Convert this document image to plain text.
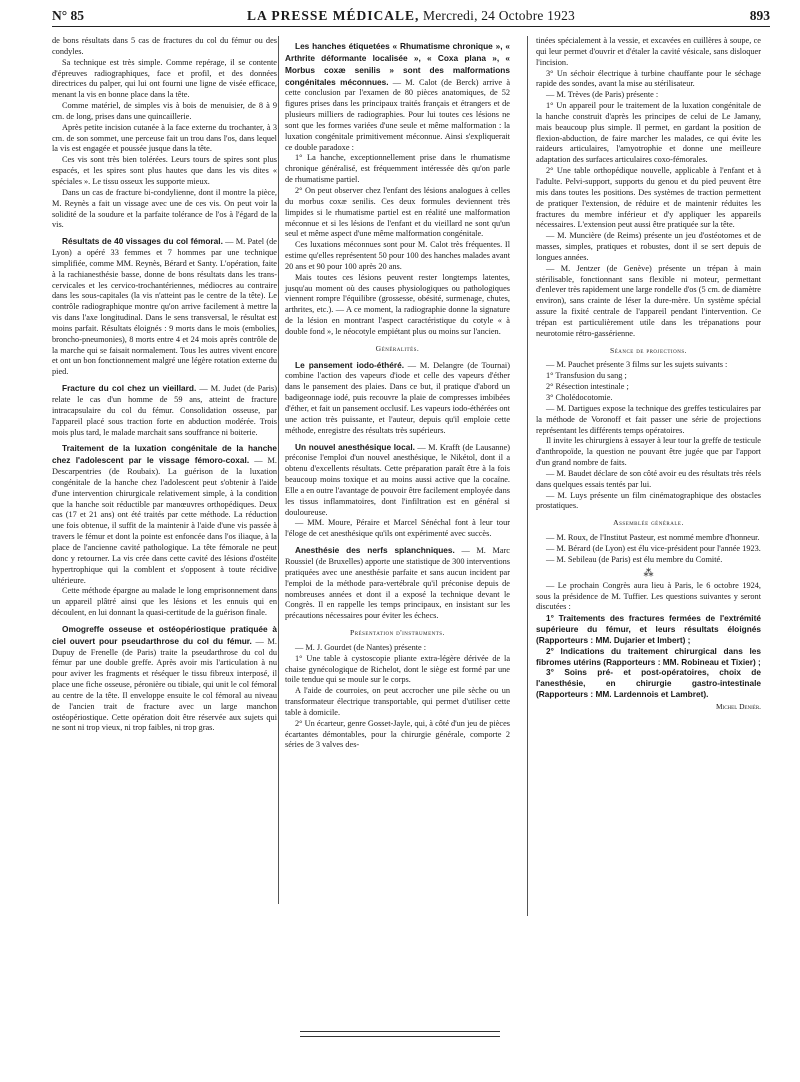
N° 85	LA PRESSE MÉDICALE, Mercredi, 24 Octobre 1923	893

de bons résultats dans 5 cas de fractures du col du fémur ou des condyles.

Sa technique est très simple. Comme repérage, il se contente d'épreuves radiographiques, face et profil, et des données directrices du palper, qui lui ont fourni une ligne de visée efficace, menant la vis en bonne place dans la tête.

Comme matériel, de simples vis à bois de menuisier, de 8 à 9 cm. de long, prises dans une quincaillerie.

Après petite incision cutanée à la face externe du trochanter, à 3 cm. de son sommet, une perceuse fait un trou dans l'os, dans lequel la vis est engagée et poussée jusque dans la tête.

Ces vis sont très bien tolérées. Leurs tours de spires sont plus espacés, et les spires sont plus hautes que dans les vis dites « spéciales ». Le tissu osseux les supporte mieux.

Dans un cas de fracture bi-condylienne, dont il montre la pièce, M. Reynès a fait un vissage avec une de ces vis. On peut voir la solidité de la soudure et la parfaite tolérance de l'os à l'égard de la vis.

Résultats de 40 vissages du col fémoral. — M. Patel (de Lyon) a opéré 33 femmes et 7 hommes par une technique simplifiée, comme MM. Reynès, Bérard et Santy. L'opération, faite à la rachianesthésie basse, donne de bons résultats dans les trans-cervicales et les cervico-trochantériennes, médiocres au contraire dans les sous-capitales (la vis n'atteint pas le centre de la tête). Le contrôle radiographique montre qu'on arrive facilement à mettre la vis dans l'axe longitudinal. Dans le sens transversal, le résultat est moins parfait. Résultats éloignés : 9 morts dans le mois (embolies, broncho-pneumonies), 8 morts entre 4 et 24 mois après contrôle de la marche qui se faisait normalement. Tous les autres vivent encore et ont un bon fonctionnement malgré une légère rotation externe du pied.

Fracture du col chez un vieillard. — M. Judet (de Paris) relate le cas d'un homme de 59 ans, atteint de fracture intracapsulaire du col du fémur. Consolidation osseuse, par l'appareil placé sous traction forte en abduction modérée. Trois mois plus tard, le malade marchait sans souffrance ni boiterie.

Traitement de la luxation congénitale de la hanche chez l'adolescent par le vissage fémoro-coxal. — M. Descarpentries (de Roubaix). La guérison de la luxation congénitale de la hanche chez l'adolescent peut s'obtenir à l'aide d'une intervention chirurgicale relativement simple, à la condition que la hanche soit réductible par manœuvres orthopédiques. Deux cas (17 et 21 ans) ont été traités par cette méthode. La réduction une fois obtenue, il suffit de la maintenir à l'aide d'une vis passée à travers le fémur et dont la pointe est enfoncée dans l'os iliaque, à la place de l'ancienne cavité pathologique. La tête fémorale ne peut donc y retourner. La vis crée dans cette cavité des lésions d'ostéite hypertrophique qui la comblent et s'opposent à toute récidive ultérieure.

Cette méthode épargne au malade le long emprisonnement dans un appareil plâtré ainsi que les lésions et les ennuis qui en découlent, en lui donnant la quasi-certitude de la guérison finale.

Omogreffe osseuse et ostéopériostique pratiquée à ciel ouvert pour pseudarthrose du col du fémur. — M. Dupuy de Frenelle (de Paris) traite la pseudarthrose du col du fémur par une double greffe. Après avoir mis l'articulation à nu pour aviver les fragments et réséquer le tissu fibreux interposé, il place une fiche osseuse, péronière ou tibiale, qui unit le col fémoral au centre de la tête. Il enveloppe ensuite le col fémoral au niveau de l'ancien trait de fracture avec un large manchon ostéopériostique. Cette opération doit être réservée aux sujets qui ne sont ni trop vieux, ni trop faibles, ni trop gras.

Les hanches étiquetées « Rhumatisme chronique », « Arthrite déformante localisée », « Coxa plana », « Morbus coxæ senilis » sont des malformations congénitales méconnues. — M. Calot (de Berck) arrive à cette conclusion par l'examen de 80 pièces anatomiques, de 52 figures prises dans les principaux traités français et étrangers et de plusieurs milliers de radiographies. Pour lui toutes ces lésions ne sont que les formes variées d'une seule et même malformation : la luxation congénitale primitivement méconnue. Ainsi s'expliquerait ce double paradoxe :

1° La hanche, exceptionnellement prise dans le rhumatisme chronique généralisé, est fréquemment intéressée dès qu'on parle de rhumatisme partiel.

2° On peut observer chez l'enfant des lésions analogues à celles du morbus coxæ senilis. Ces deux formules deviennent très limpides si le rhumatisme partiel est en réalité une malformation méconnue et si les lésions de l'enfant et du vieillard ne sont qu'un seul et même aspect d'une même malformation congénitale.

Ces luxations méconnues sont pour M. Calot très fréquentes. Il estime qu'elles représentent 50 pour 100 des hanches malades avant 20 ans et 90 pour 100 après 20 ans.

Mais toutes ces lésions peuvent rester longtemps latentes, jusqu'au moment où des causes physiologiques ou pathologiques viennent rompre l'équilibre (grossesse, obésité, surmenage, chutes, arthrites, etc.). — A ce moment, la radiographie donne la signature de la lésion en montrant l'aspect caractéristique du cotyle « à double fond », le néocotyle empiétant plus ou moins sur l'ancien.

Généralités.

Le pansement iodo-éthéré. — M. Delangre (de Tournai) combine l'action des vapeurs d'iode et celle des vapeurs d'éther dans le pansement des plaies. Dans ce but, il pratique d'abord un badigeonnage iodé, puis recouvre la plaie de compresses imbibées d'éther, et fait un pansement occlusif. Les vapeurs iodo-éthérées ont une action très puissante, et l'auteur, depuis qu'il emploie cette méthode, enregistre des résultats très supérieurs.

Un nouvel anesthésique local. — M. Krafft (de Lausanne) préconise l'emploi d'un nouvel anesthésique, le Nikétol, dont il a obtenu d'excellents résultats. Cette préparation paraît être à la fois beaucoup moins toxique et au moins aussi active que la cocaïne. Elle a en outre l'avantage de pouvoir être facilement employée dans les tissus inflammatoires, dont l'infiltration est en général si douloureuse.

— MM. Moure, Péraire et Marcel Sénéchal font à leur tour l'éloge de cet anesthésique qu'ils ont expérimenté avec succès.

Anesthésie des nerfs splanchniques. — M. Marc Roussiel (de Bruxelles) apporte une statistique de 300 interventions pratiquées avec une anesthésie parfaite et sans aucun incident par l'emploi de la méthode para-vertébrale qu'il préconise depuis de nombreuses années et dont il a exposé la technique devant le Congrès. Il en rappelle les temps principaux, en insistant sur les précautions nécessaires pour éviter les échecs.

Présentation d'instruments.

— M. J. Gourdet (de Nantes) présente :

1° Une table à cystoscopie pliante extra-légère dérivée de la chaise gynécologique de Richelot, dont le siège est formé par une toile tendue qui se moule sur le corps.

A l'aide de courroies, on peut accrocher une pile sèche ou un transformateur électrique transportable, qui permet d'utiliser cette table à domicile.

2° Un écarteur, genre Gosset-Jayle, qui, à côté d'un jeu de pièces écartantes démontables, pour la chirurgie générale, comporte 2 séries de 3 valves des-

tinées spécialement à la vessie, et excavées en cuillères à soupe, ce qui leur permet d'ouvrir et d'étaler la cavité vésicale, sans disloquer l'incision.

3° Un séchoir électrique à turbine chauffante pour le séchage rapide des sondes, avant la mise au stérilisateur.

— M. Trèves (de Paris) présente :

1° Un appareil pour le traitement de la luxation congénitale de la hanche construit d'après les principes de celui de Le Jamany, mais beaucoup plus simple. Il permet, en gardant la position de flexion-abduction, de faire marcher les malades, ce qui évite les raideurs articulaires, l'amyotrophie et donne une meilleure adaptation des surfaces articulaires coxo-fémorales.

2° Une table orthopédique nouvelle, applicable à l'enfant et à l'adulte. Pelvi-support, supports du genou et du pied peuvent être mis dans toutes les positions. Des systèmes de traction permettent de pratiquer l'extension, de réduire et de maintenir réduites les fractures du membre inférieur et d'y appliquer les appareils nécessaires. L'extension peut aussi être pratiquée sur la tête.

— M. Muncière (de Reims) présente un jeu d'ostéotomes et de masses, simples, pratiques et robustes, dont il se sert depuis de longues années.

— M. Jentzer (de Genève) présente un trépan à main stérilisable, fonctionnant sans flexible ni moteur, permettant d'enlever très rapidement une large rondelle d'os (5 cm. de diamètre environ), sans crainte de léser la dure-mère. Un système spécial assure la fixité centrale de l'appareil pendant l'intervention. Ce trépan est particulièrement utile dans les trépanations pour neurotomie rétro-gassérienne.

Séance de projections.

— M. Pauchet présente 3 films sur les sujets suivants :

1° Transfusion du sang ;

2° Résection intestinale ;

3° Cholédocotomie.

— M. Dartigues expose la technique des greffes testiculaires par la méthode de Voronoff et fait passer une série de projections représentant les différents temps opératoires.

Il invite les chirurgiens à essayer à leur tour la greffe de testicule d'anthropoïde, la question ne pouvant être jugée que par l'apport d'un grand nombre de faits.

— M. Baudet déclare de son côté avoir eu des résultats très réels dans quelques essais tentés par lui.

— M. Luys présente un film cinématographique des obstacles prostatiques.

Assemblée générale.

— M. Roux, de l'Institut Pasteur, est nommé membre d'honneur.

— M. Bérard (de Lyon) est élu vice-président pour l'année 1923.

— M. Sebileau (de Paris) est élu membre du Comité.

⁂

— Le prochain Congrès aura lieu à Paris, le 6 octobre 1924, sous la présidence de M. Tuffier. Les questions suivantes y seront discutées :

1° Traitements des fractures fermées de l'extrémité supérieure du fémur, et leurs résultats éloignés (Rapporteurs : MM. Dujarier et Imbert) ;

2° Indications du traitement chirurgical dans les fibromes utérins (Rapporteurs : MM. Robineau et Tixier) ;

3° Soins pré- et post-opératoires, choix de l'anesthésie, en chirurgie gastro-intestinale (Rapporteurs : MM. Lardennois et Lambret).

Michel Denièr.
